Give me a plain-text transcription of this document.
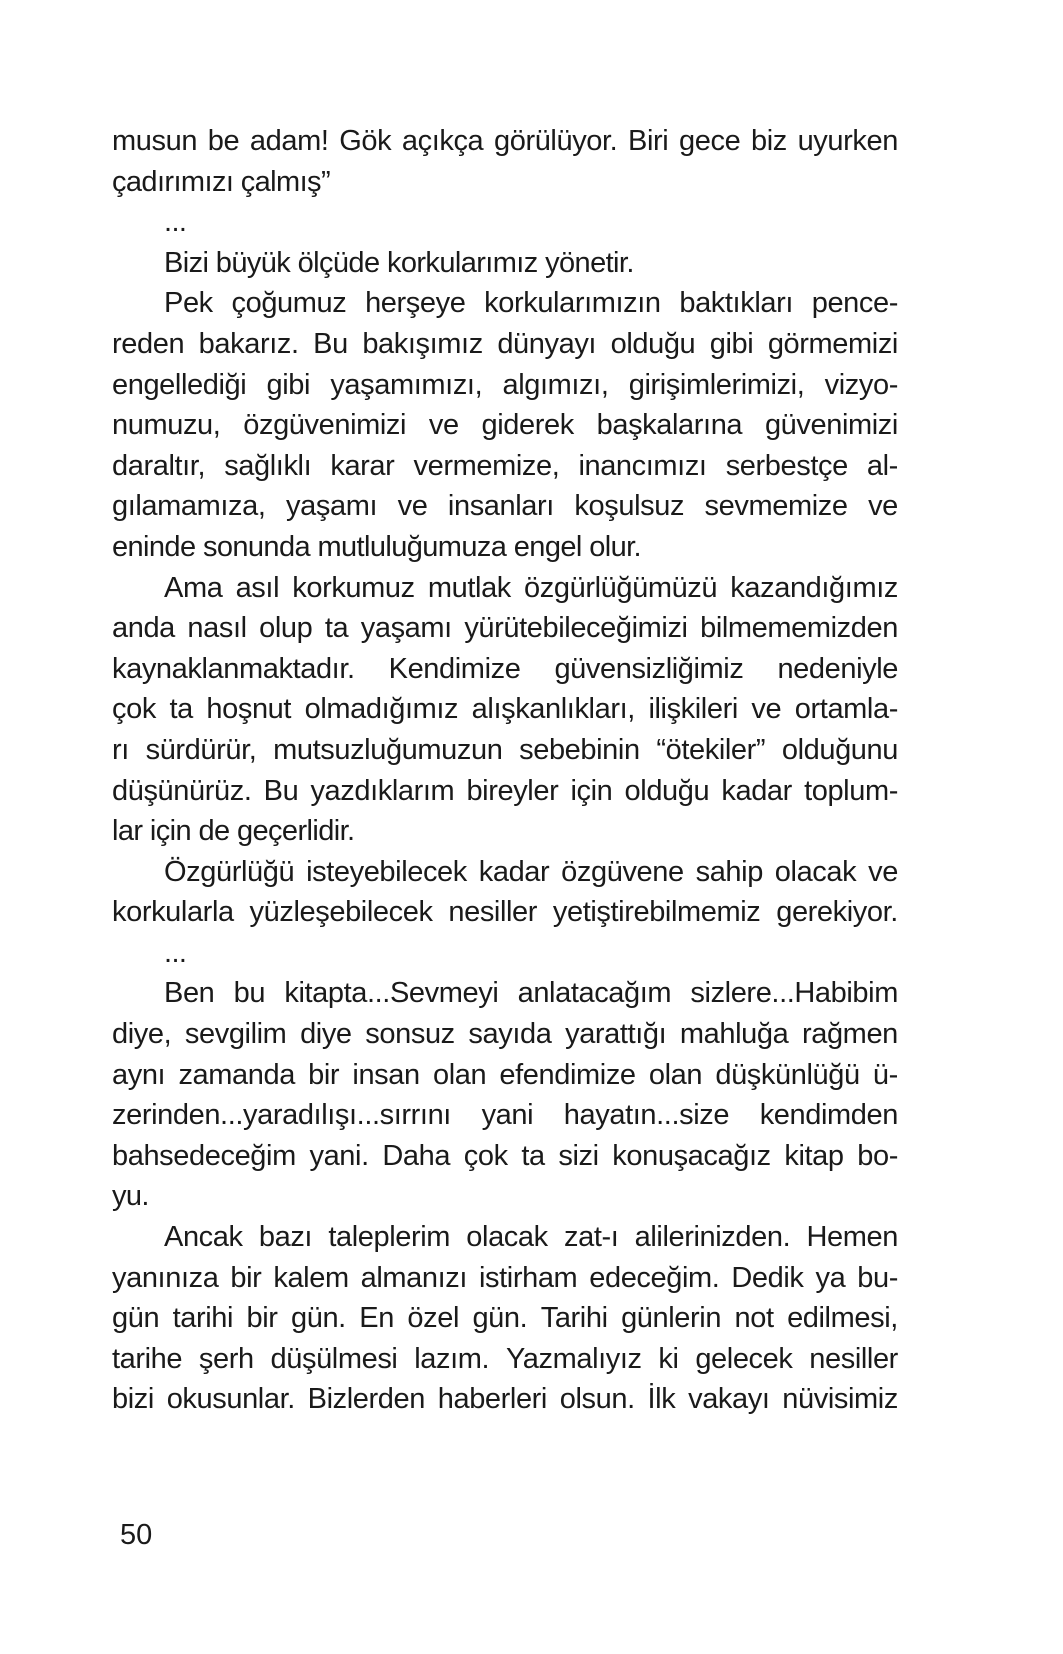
musun be adam! Gök açıkça görülüyor. Biri gece biz uyurken
çadırımızı çalmış”
...
Bizi büyük ölçüde korkularımız yönetir.
Pek çoğumuz herşeye korkularımızın baktıkları pence-
reden bakarız. Bu bakışımız dünyayı olduğu gibi görmemizi
engellediği gibi yaşamımızı, algımızı, girişimlerimizi, vizyo-
numuzu, özgüvenimizi ve giderek başkalarına güvenimizi
daraltır, sağlıklı karar vermemize, inancımızı serbestçe al-
gılamamıza, yaşamı ve insanları koşulsuz sevmemize ve
eninde sonunda mutluluğumuza engel olur.
Ama asıl korkumuz mutlak özgürlüğümüzü kazandığımız
anda nasıl olup ta yaşamı yürütebileceğimizi bilmememizden
kaynaklanmaktadır. Kendimize güvensizliğimiz nedeniyle
çok ta hoşnut olmadığımız alışkanlıkları, ilişkileri ve ortamla-
rı sürdürür, mutsuzluğumuzun sebebinin “ötekiler” olduğunu
düşünürüz. Bu yazdıklarım bireyler için olduğu kadar toplum-
lar için de geçerlidir.
Özgürlüğü isteyebilecek kadar özgüvene sahip olacak ve
korkularla yüzleşebilecek nesiller yetiştirebilmemiz gerekiyor.
...
Ben bu kitapta...Sevmeyi anlatacağım sizlere...Habibim
diye, sevgilim diye sonsuz sayıda yarattığı mahluğa rağmen
aynı zamanda bir insan olan efendimize olan düşkünlüğü ü-
zerinden...yaradılışı...sırrını yani hayatın...size kendimden
bahsedeceğim yani. Daha çok ta sizi konuşacağız kitap bo-
yu.
Ancak bazı taleplerim olacak zat-ı alilerinizden. Hemen
yanınıza bir kalem almanızı istirham edeceğim. Dedik ya bu-
gün tarihi bir gün. En özel gün. Tarihi günlerin not edilmesi,
tarihe şerh düşülmesi lazım. Yazmalıyız ki gelecek nesiller
bizi okusunlar. Bizlerden haberleri olsun. İlk vakayı nüvisimiz
50
